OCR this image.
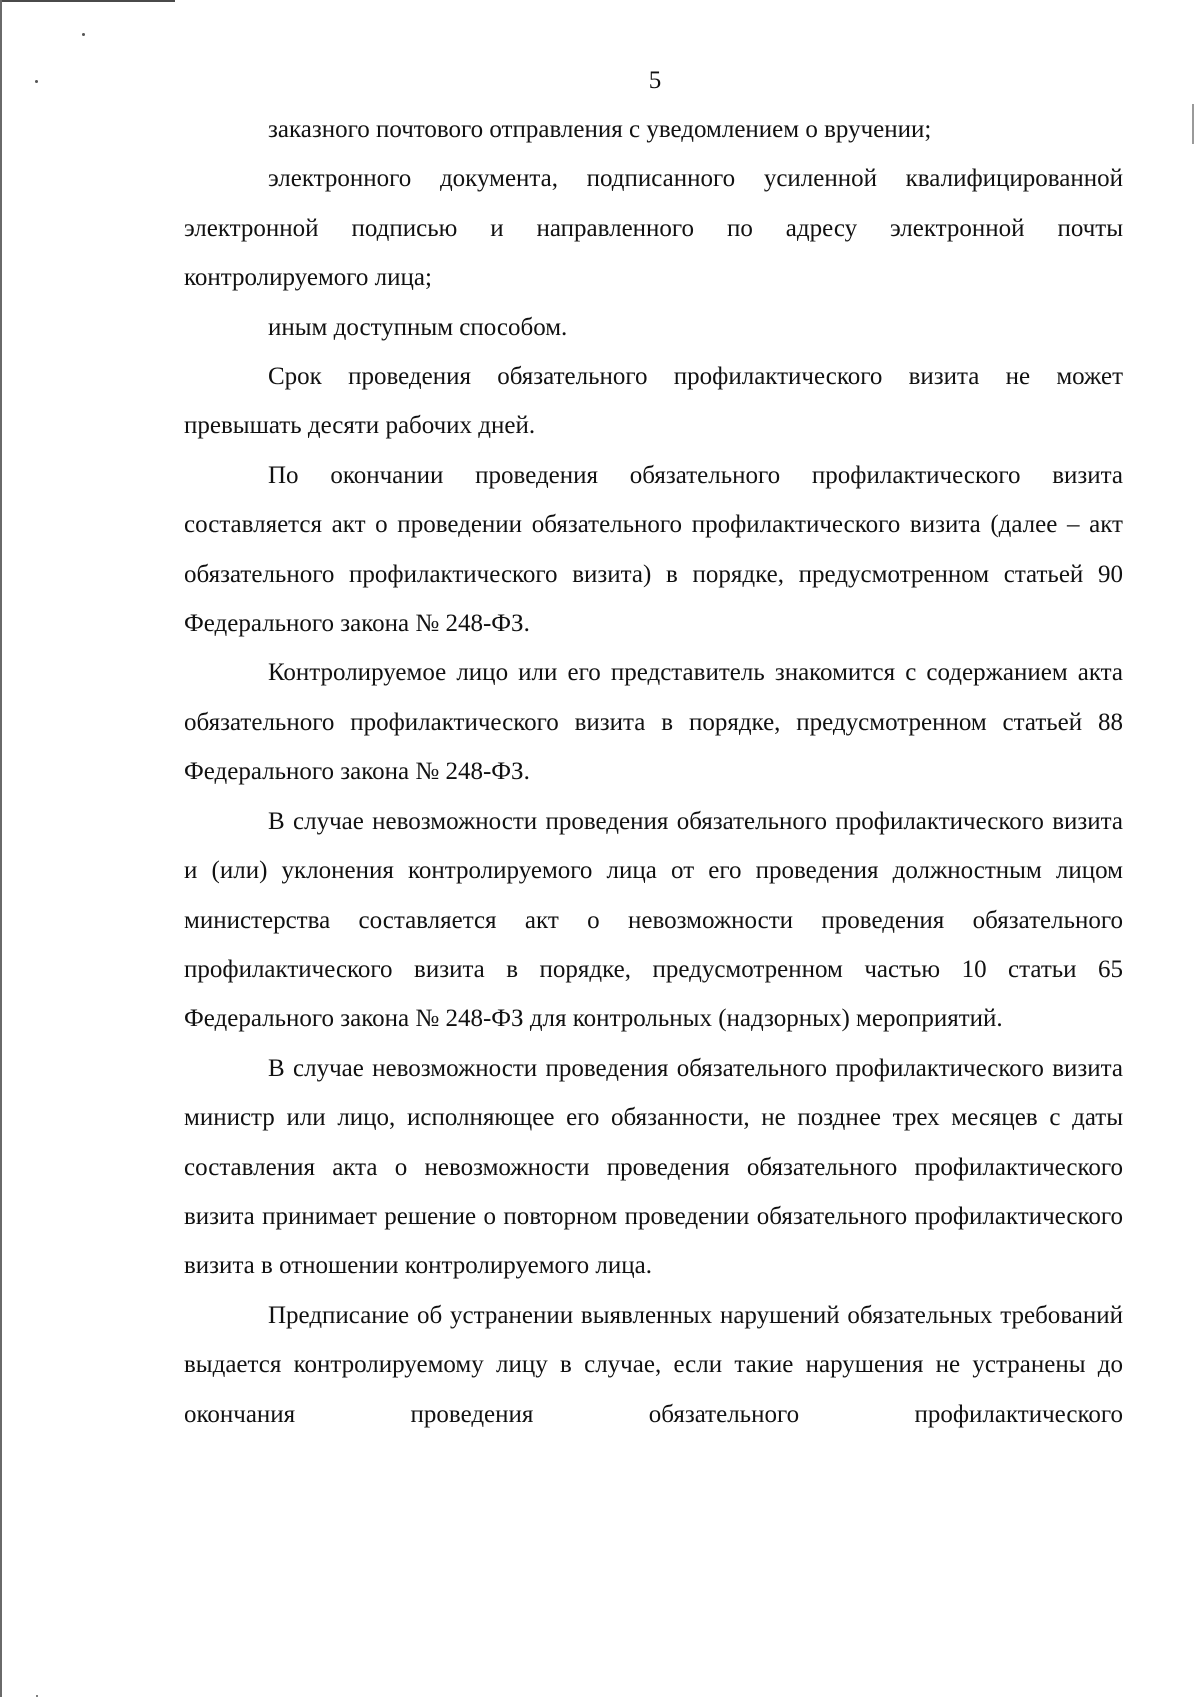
5

заказного почтового отправления с уведомлением о вручении;

электронного документа, подписанного усиленной квалифицированной электронной подписью и направленного по адресу электронной почты контролируемого лица;

иным доступным способом.

Срок проведения обязательного профилактического визита не может превышать десяти рабочих дней.

По окончании проведения обязательного профилактического визита составляется акт о проведении обязательного профилактического визита (далее – акт обязательного профилактического визита) в порядке, предусмотренном статьей 90 Федерального закона № 248-ФЗ.

Контролируемое лицо или его представитель знакомится с содержанием акта обязательного профилактического визита в порядке, предусмотренном статьей 88 Федерального закона № 248-ФЗ.

В случае невозможности проведения обязательного профилактического визита и (или) уклонения контролируемого лица от его проведения должностным лицом министерства составляется акт о невозможности проведения обязательного профилактического визита в порядке, предусмотренном частью 10 статьи 65 Федерального закона № 248-ФЗ для контрольных (надзорных) мероприятий.

В случае невозможности проведения обязательного профилактического визита министр или лицо, исполняющее его обязанности, не позднее трех месяцев с даты составления акта о невозможности проведения обязательного профилактического визита принимает решение о повторном проведении обязательного профилактического визита в отношении контролируемого лица.

Предписание об устранении выявленных нарушений обязательных требований выдается контролируемому лицу в случае, если такие нарушения не устранены до окончания проведения обязательного профилактического
